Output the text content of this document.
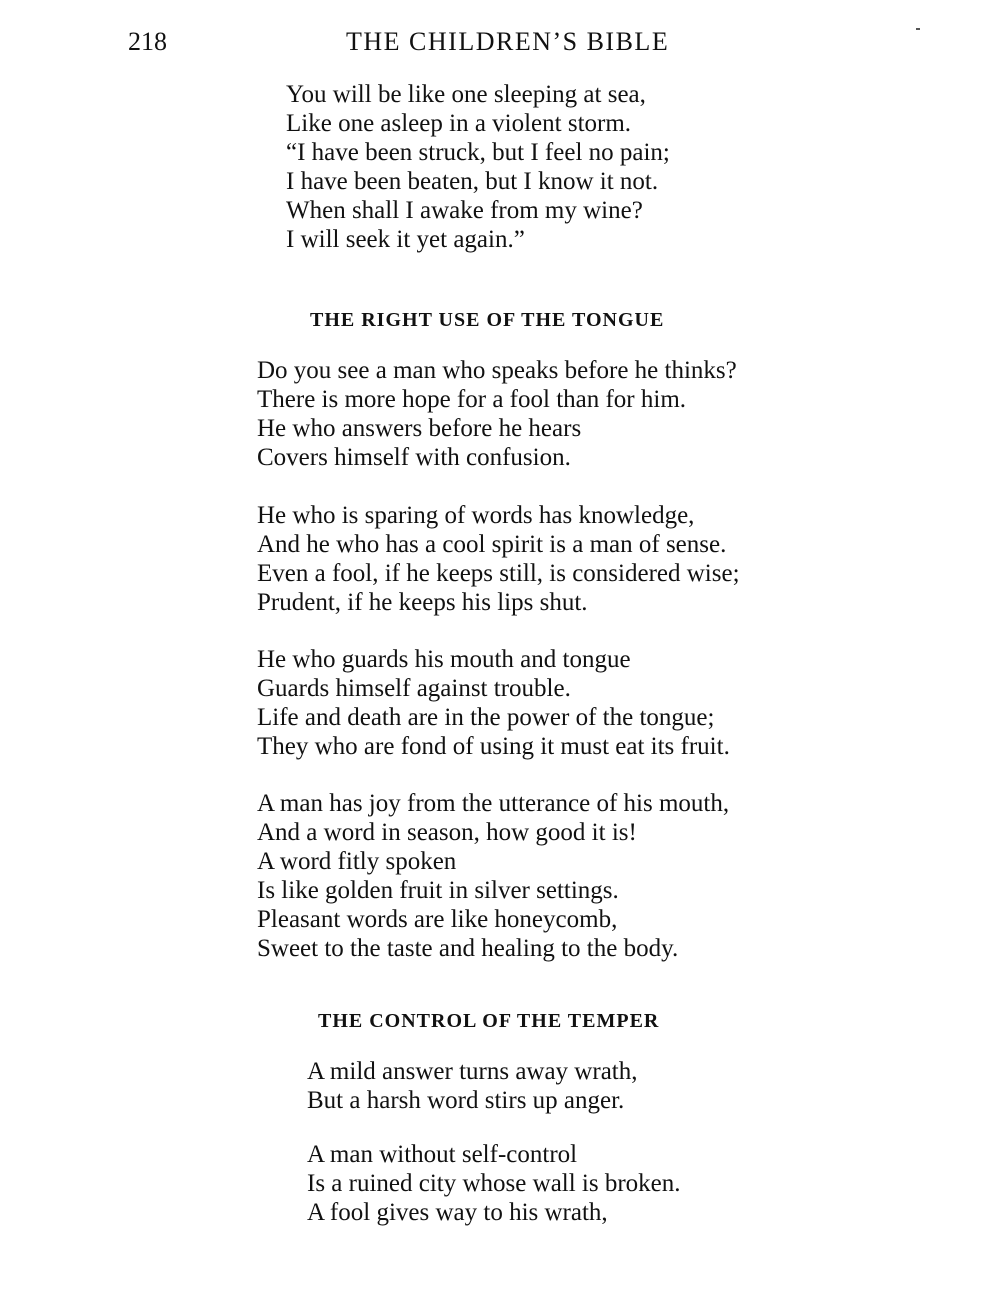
218	THE CHILDREN’S BIBLE
You will be like one sleeping at sea,
Like one asleep in a violent storm.
“I have been struck, but I feel no pain;
I have been beaten, but I know it not.
When shall I awake from my wine?
I will seek it yet again.”
THE RIGHT USE OF THE TONGUE
Do you see a man who speaks before he thinks?
There is more hope for a fool than for him.
He who answers before he hears
Covers himself with confusion.
He who is sparing of words has knowledge,
And he who has a cool spirit is a man of sense.
Even a fool, if he keeps still, is considered wise;
Prudent, if he keeps his lips shut.
He who guards his mouth and tongue
Guards himself against trouble.
Life and death are in the power of the tongue;
They who are fond of using it must eat its fruit.
A man has joy from the utterance of his mouth,
And a word in season, how good it is!
A word fitly spoken
Is like golden fruit in silver settings.
Pleasant words are like honeycomb,
Sweet to the taste and healing to the body.
THE CONTROL OF THE TEMPER
A mild answer turns away wrath,
But a harsh word stirs up anger.
A man without self-control
Is a ruined city whose wall is broken.
A fool gives way to his wrath,
